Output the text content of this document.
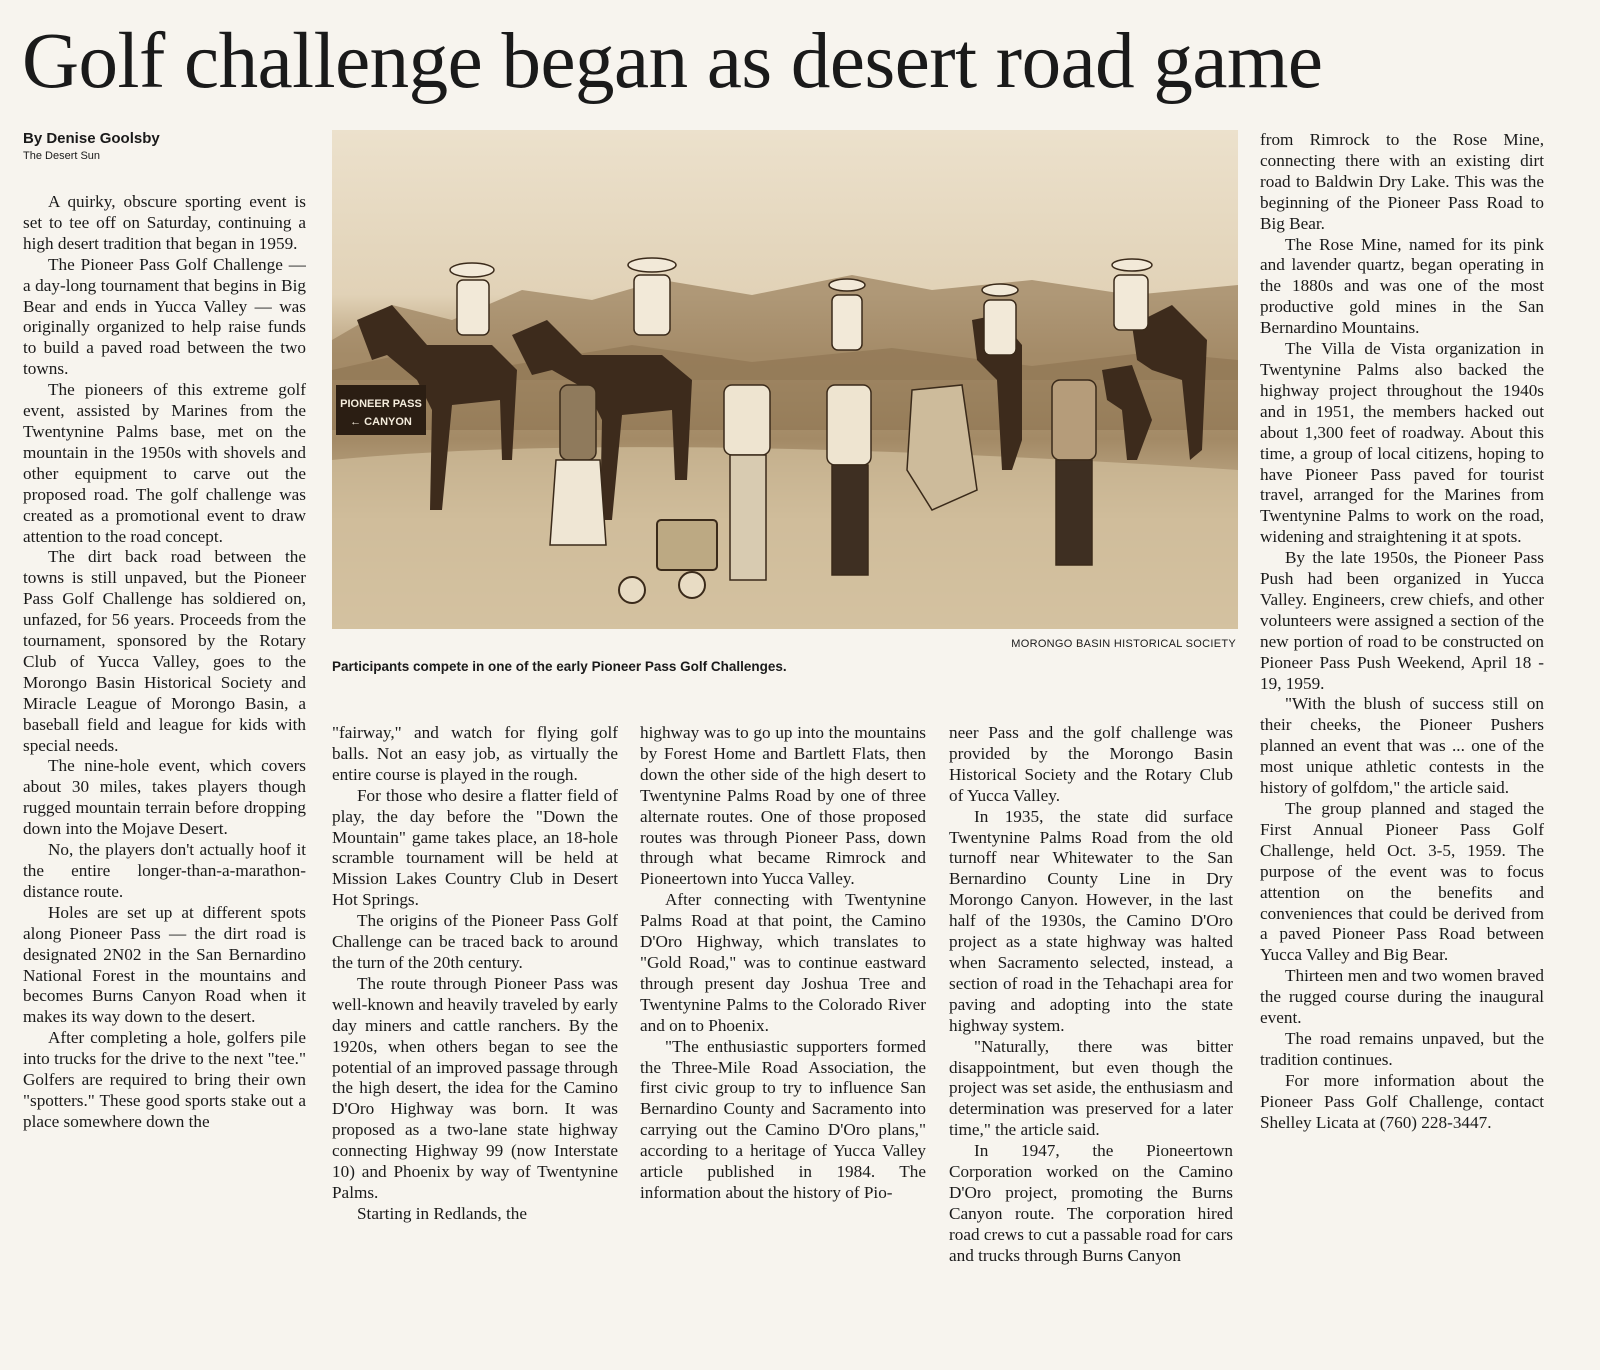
Golf challenge began as desert road game
By Denise Goolsby
The Desert Sun

A quirky, obscure sporting event is set to tee off on Saturday, continuing a high desert tradition that began in 1959.

The Pioneer Pass Golf Challenge — a day-long tournament that begins in Big Bear and ends in Yucca Valley — was originally organized to help raise funds to build a paved road between the two towns.

The pioneers of this extreme golf event, assisted by Marines from the Twentynine Palms base, met on the mountain in the 1950s with shovels and other equipment to carve out the proposed road. The golf challenge was created as a promotional event to draw attention to the road concept.

The dirt back road between the towns is still unpaved, but the Pioneer Pass Golf Challenge has soldiered on, unfazed, for 56 years. Proceeds from the tournament, sponsored by the Rotary Club of Yucca Valley, goes to the Morongo Basin Historical Society and Miracle League of Morongo Basin, a baseball field and league for kids with special needs.

The nine-hole event, which covers about 30 miles, takes players though rugged mountain terrain before dropping down into the Mojave Desert.

No, the players don't actually hoof it the entire longer-than-a-marathon-distance route.

Holes are set up at different spots along Pioneer Pass — the dirt road is designated 2N02 in the San Bernardino National Forest in the mountains and becomes Burns Canyon Road when it makes its way down to the desert.

After completing a hole, golfers pile into trucks for the drive to the next "tee." Golfers are required to bring their own "spotters." These good sports stake out a place somewhere down the

PIONEER PASS
← CANYON
MORONGO BASIN HISTORICAL SOCIETY
Participants compete in one of the early Pioneer Pass Golf Challenges.

"fairway," and watch for flying golf balls. Not an easy job, as virtually the entire course is played in the rough.

For those who desire a flatter field of play, the day before the "Down the Mountain" game takes place, an 18-hole scramble tournament will be held at Mission Lakes Country Club in Desert Hot Springs.

The origins of the Pioneer Pass Golf Challenge can be traced back to around the turn of the 20th century.

The route through Pioneer Pass was well-known and heavily traveled by early day miners and cattle ranchers. By the 1920s, when others began to see the potential of an improved passage through the high desert, the idea for the Camino D'Oro Highway was born. It was proposed as a two-lane state highway connecting Highway 99 (now Interstate 10) and Phoenix by way of Twentynine Palms.

Starting in Redlands, the

highway was to go up into the mountains by Forest Home and Bartlett Flats, then down the other side of the high desert to Twentynine Palms Road by one of three alternate routes. One of those proposed routes was through Pioneer Pass, down through what became Rimrock and Pioneertown into Yucca Valley.

After connecting with Twentynine Palms Road at that point, the Camino D'Oro Highway, which translates to "Gold Road," was to continue eastward through present day Joshua Tree and Twentynine Palms to the Colorado River and on to Phoenix.

"The enthusiastic supporters formed the Three-Mile Road Association, the first civic group to try to influence San Bernardino County and Sacramento into carrying out the Camino D'Oro plans," according to a heritage of Yucca Valley article published in 1984. The information about the history of Pio-

neer Pass and the golf challenge was provided by the Morongo Basin Historical Society and the Rotary Club of Yucca Valley.

In 1935, the state did surface Twentynine Palms Road from the old turnoff near Whitewater to the San Bernardino County Line in Dry Morongo Canyon. However, in the last half of the 1930s, the Camino D'Oro project as a state highway was halted when Sacramento selected, instead, a section of road in the Tehachapi area for paving and adopting into the state highway system.

"Naturally, there was bitter disappointment, but even though the project was set aside, the enthusiasm and determination was preserved for a later time," the article said.

In 1947, the Pioneertown Corporation worked on the Camino D'Oro project, promoting the Burns Canyon route. The corporation hired road crews to cut a passable road for cars and trucks through Burns Canyon

from Rimrock to the Rose Mine, connecting there with an existing dirt road to Baldwin Dry Lake. This was the beginning of the Pioneer Pass Road to Big Bear.

The Rose Mine, named for its pink and lavender quartz, began operating in the 1880s and was one of the most productive gold mines in the San Bernardino Mountains.

The Villa de Vista organization in Twentynine Palms also backed the highway project throughout the 1940s and in 1951, the members hacked out about 1,300 feet of roadway. About this time, a group of local citizens, hoping to have Pioneer Pass paved for tourist travel, arranged for the Marines from Twentynine Palms to work on the road, widening and straightening it at spots.

By the late 1950s, the Pioneer Pass Push had been organized in Yucca Valley. Engineers, crew chiefs, and other volunteers were assigned a section of the new portion of road to be constructed on Pioneer Pass Push Weekend, April 18 - 19, 1959.

"With the blush of success still on their cheeks, the Pioneer Pushers planned an event that was ... one of the most unique athletic contests in the history of golfdom," the article said.

The group planned and staged the First Annual Pioneer Pass Golf Challenge, held Oct. 3-5, 1959. The purpose of the event was to focus attention on the benefits and conveniences that could be derived from a paved Pioneer Pass Road between Yucca Valley and Big Bear.

Thirteen men and two women braved the rugged course during the inaugural event.

The road remains unpaved, but the tradition continues.

For more information about the Pioneer Pass Golf Challenge, contact Shelley Licata at (760) 228-3447.
